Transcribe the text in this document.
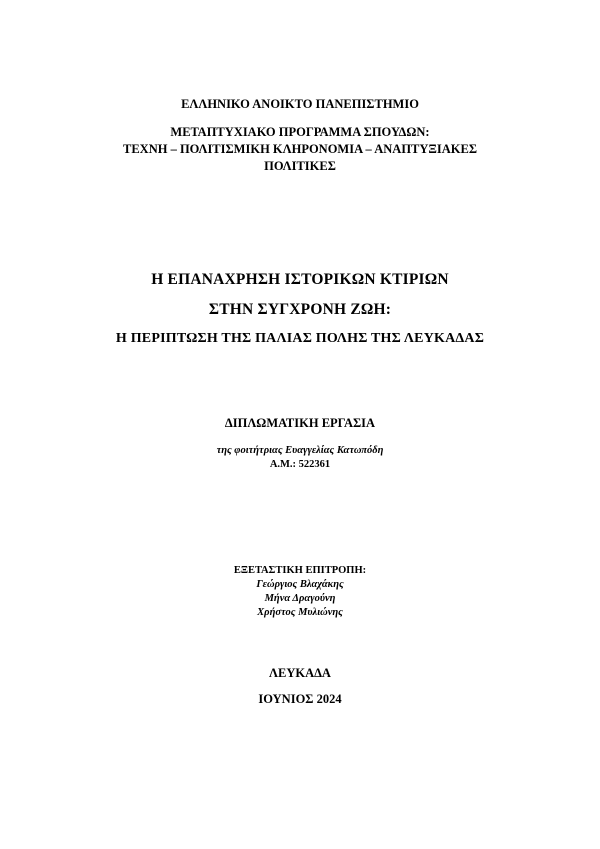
ΕΛΛΗΝΙΚΟ ΑΝΟΙΚΤΟ ΠΑΝΕΠΙΣΤΗΜΙΟ
ΜΕΤΑΠΤΥΧΙΑΚΟ ΠΡΟΓΡΑΜΜΑ ΣΠΟΥΔΩΝ:
ΤΕΧΝΗ – ΠΟΛΙΤΙΣΜΙΚΗ ΚΛΗΡΟΝΟΜΙΑ – ΑΝΑΠΤΥΞΙΑΚΕΣ
ΠΟΛΙΤΙΚΕΣ
Η ΕΠΑΝΑΧΡΗΣΗ ΙΣΤΟΡΙΚΩΝ ΚΤΙΡΙΩΝ
ΣΤΗΝ ΣΥΓΧΡΟΝΗ ΖΩΗ:
Η ΠΕΡΙΠΤΩΣΗ ΤΗΣ ΠΑΛΙΑΣ ΠΟΛΗΣ ΤΗΣ ΛΕΥΚΑΔΑΣ
ΔΙΠΛΩΜΑΤΙΚΗ ΕΡΓΑΣΙΑ
της φοιτήτριας Ευαγγελίας Κατωπόδη
Α.Μ.: 522361
ΕΞΕΤΑΣΤΙΚΗ ΕΠΙΤΡΟΠΗ:
Γεώργιος Βλαχάκης
Μήνα Δραγούνη
Χρήστος Μυλιώνης
ΛΕΥΚΑΔΑ
ΙΟΥΝΙΟΣ 2024
